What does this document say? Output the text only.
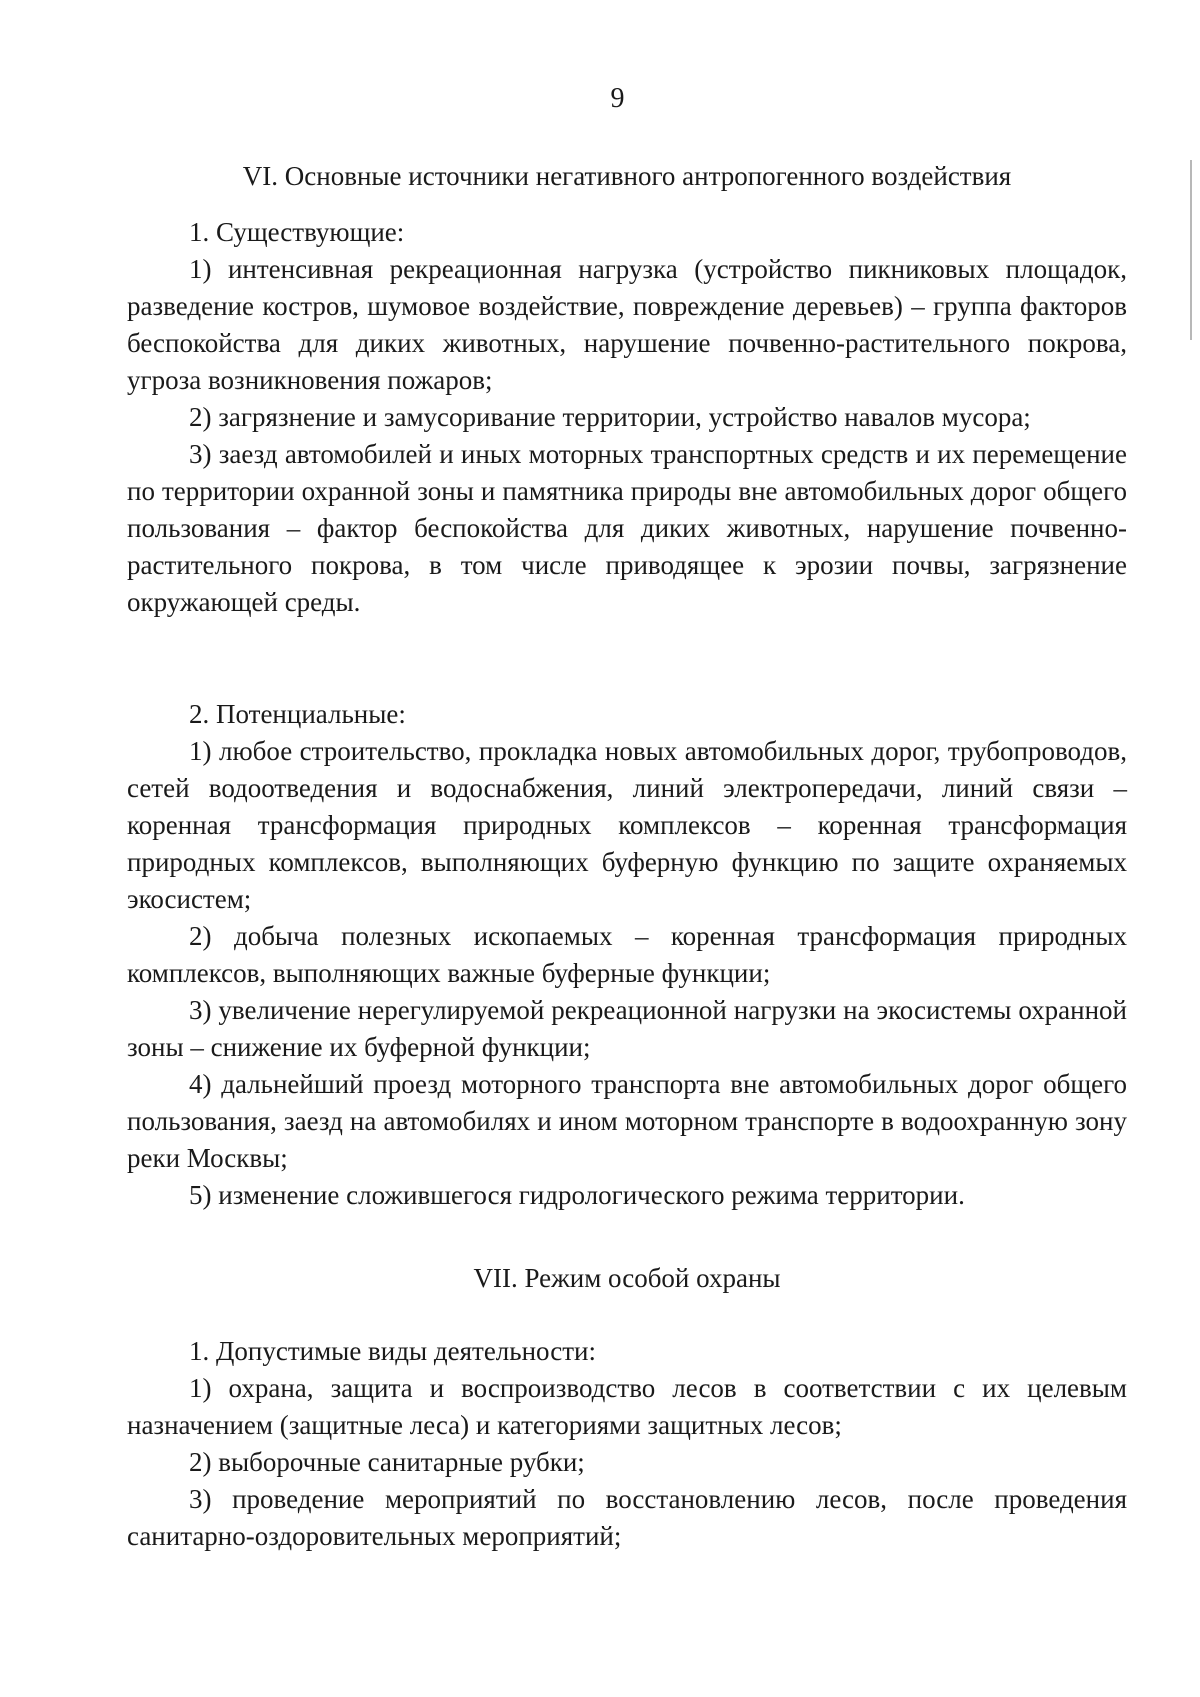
9
VI. Основные источники негативного антропогенного воздействия

1. Существующие:

1) интенсивная рекреационная нагрузка (устройство пикниковых площадок, разведение костров, шумовое воздействие, повреждение деревьев) – группа факторов беспокойства для диких животных, нарушение почвенно-растительного покрова, угроза возникновения пожаров;

2) загрязнение и замусоривание территории, устройство навалов мусора;

3) заезд автомобилей и иных моторных транспортных средств и их перемещение по территории охранной зоны и памятника природы вне автомобильных дорог общего пользования – фактор беспокойства для диких животных, нарушение почвенно-растительного покрова, в том числе приводящее к эрозии почвы, загрязнение окружающей среды.

2. Потенциальные:

1) любое строительство, прокладка новых автомобильных дорог, трубопроводов, сетей водоотведения и водоснабжения, линий электропередачи, линий связи – коренная трансформация природных комплексов – коренная трансформация природных комплексов, выполняющих буферную функцию по защите охраняемых экосистем;

2) добыча полезных ископаемых – коренная трансформация природных комплексов, выполняющих важные буферные функции;

3) увеличение нерегулируемой рекреационной нагрузки на экосистемы охранной зоны – снижение их буферной функции;

4) дальнейший проезд моторного транспорта вне автомобильных дорог общего пользования, заезд на автомобилях и ином моторном транспорте в водоохранную зону реки Москвы;

5) изменение сложившегося гидрологического режима территории.

VII. Режим особой охраны

1. Допустимые виды деятельности:

1) охрана, защита и воспроизводство лесов в соответствии с их целевым назначением (защитные леса) и категориями защитных лесов;

2) выборочные санитарные рубки;

3) проведение мероприятий по восстановлению лесов, после проведения санитарно-оздоровительных мероприятий;
